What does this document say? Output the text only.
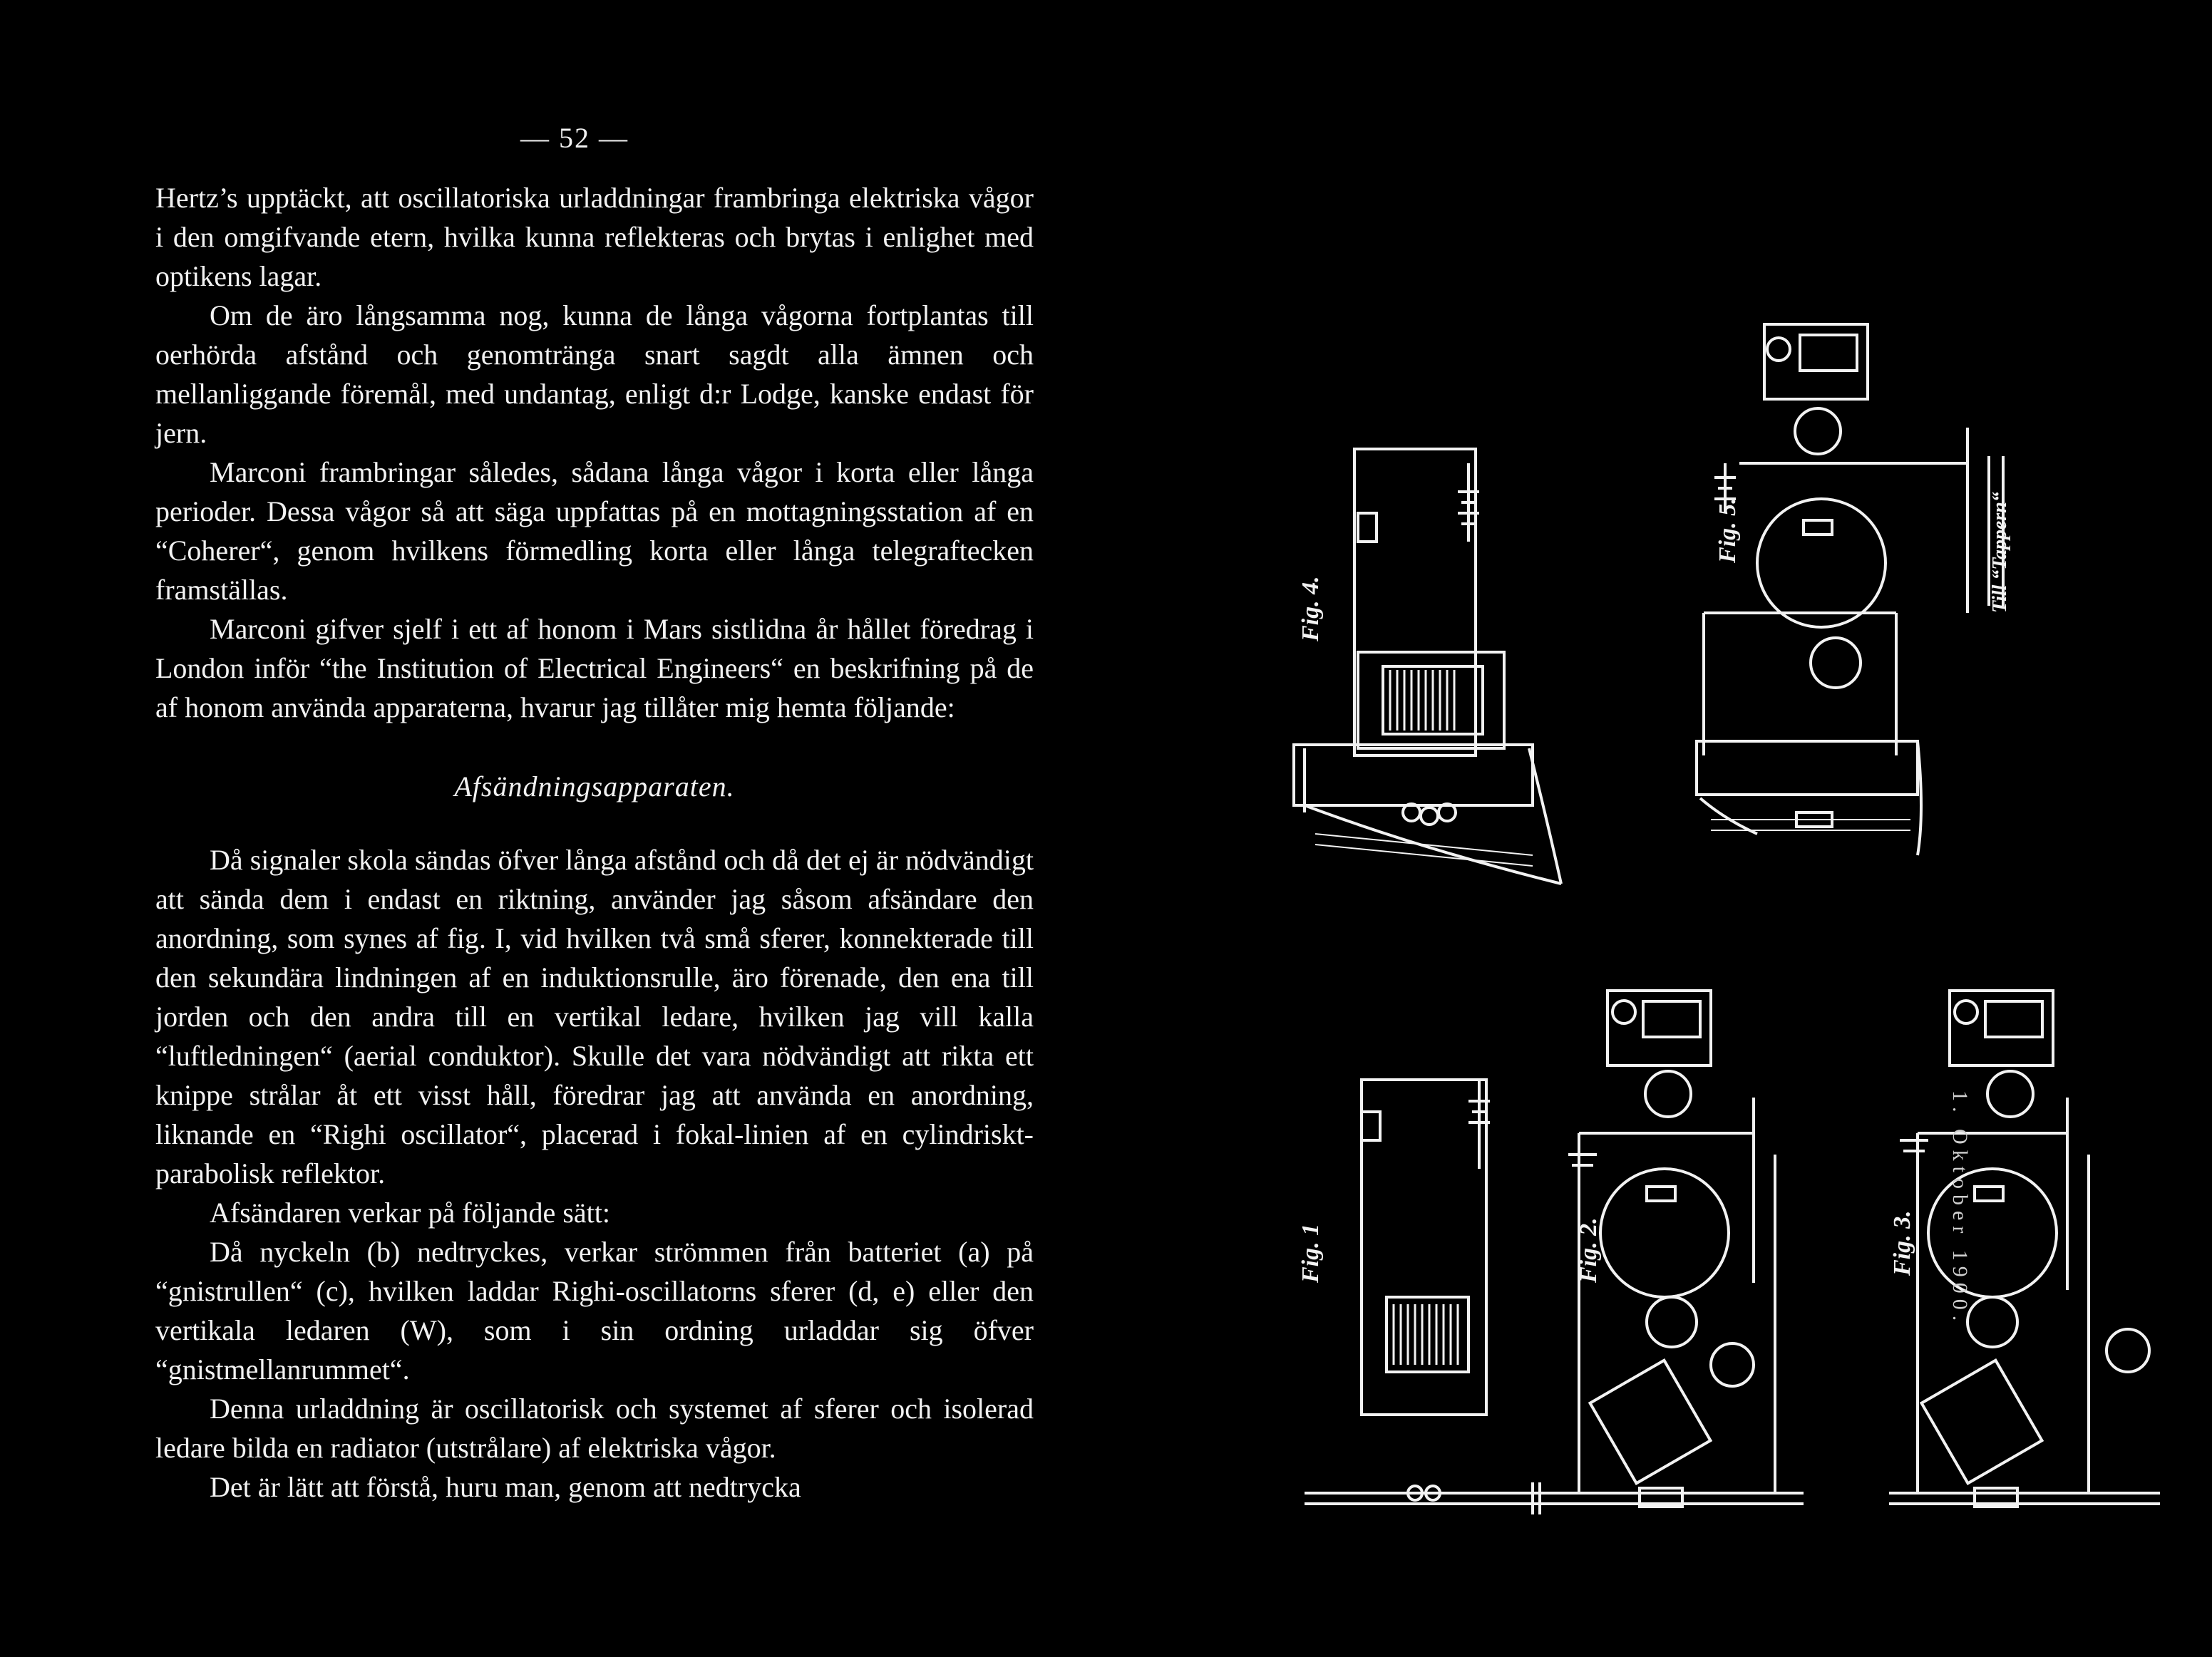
— 52 —

Hertz’s upptäckt, att oscillatoriska urladdningar frambringa elektriska vågor i den omgifvande etern, hvilka kunna reflekteras och brytas i enlighet med optikens lagar.

Om de äro långsamma nog, kunna de långa vågorna fortplantas till oerhörda afstånd och genomtränga snart sagdt alla ämnen och mellanliggande föremål, med undantag, enligt d:r Lodge, kanske endast för jern.

Marconi frambringar således, sådana långa vågor i korta eller långa perioder. Dessa vågor så att säga uppfattas på en mottagningsstation af en “Coherer“, genom hvilkens förmedling korta eller långa telegraftecken framställas.

Marconi gifver sjelf i ett af honom i Mars sistlidna år hållet föredrag i London inför “the Institution of Electrical Engineers“ en beskrifning på de af honom använda apparaterna, hvarur jag tillåter mig hemta följande:

Afsändningsapparaten.

Då signaler skola sändas öfver långa afstånd och då det ej är nödvändigt att sända dem i endast en riktning, använder jag såsom afsändare den anordning, som synes af fig. I, vid hvilken två små sferer, konnekterade till den sekundära lindningen af en induktionsrulle, äro förenade, den ena till jorden och den andra till en vertikal ledare, hvilken jag vill kalla “luftledningen“ (aerial conduktor). Skulle det vara nödvändigt att rikta ett knippe strålar åt ett visst håll, föredrar jag att använda en anordning, liknande en “Righi oscillator“, placerad i fokal-linien af en cylindriskt-parabolisk reflektor.

Afsändaren verkar på följande sätt:

Då nyckeln (b) nedtryckes, verkar strömmen från batteriet (a) på “gnistrullen“ (c), hvilken laddar Righi-oscillatorns sferer (d, e) eller den vertikala ledaren (W), som i sin ordning urladdar sig öfver “gnistmellanrummet“.

Denna urladdning är oscillatorisk och systemet af sferer och isolerad ledare bilda en radiator (utstrålare) af elektriska vågor.

Det är lätt att förstå, huru man, genom att nedtrycka

Fig. 4.
Fig. 5.	Till “Tappern“
Fig. 1	Fig. 2.	Fig. 3. 1. Oktober 1900.
